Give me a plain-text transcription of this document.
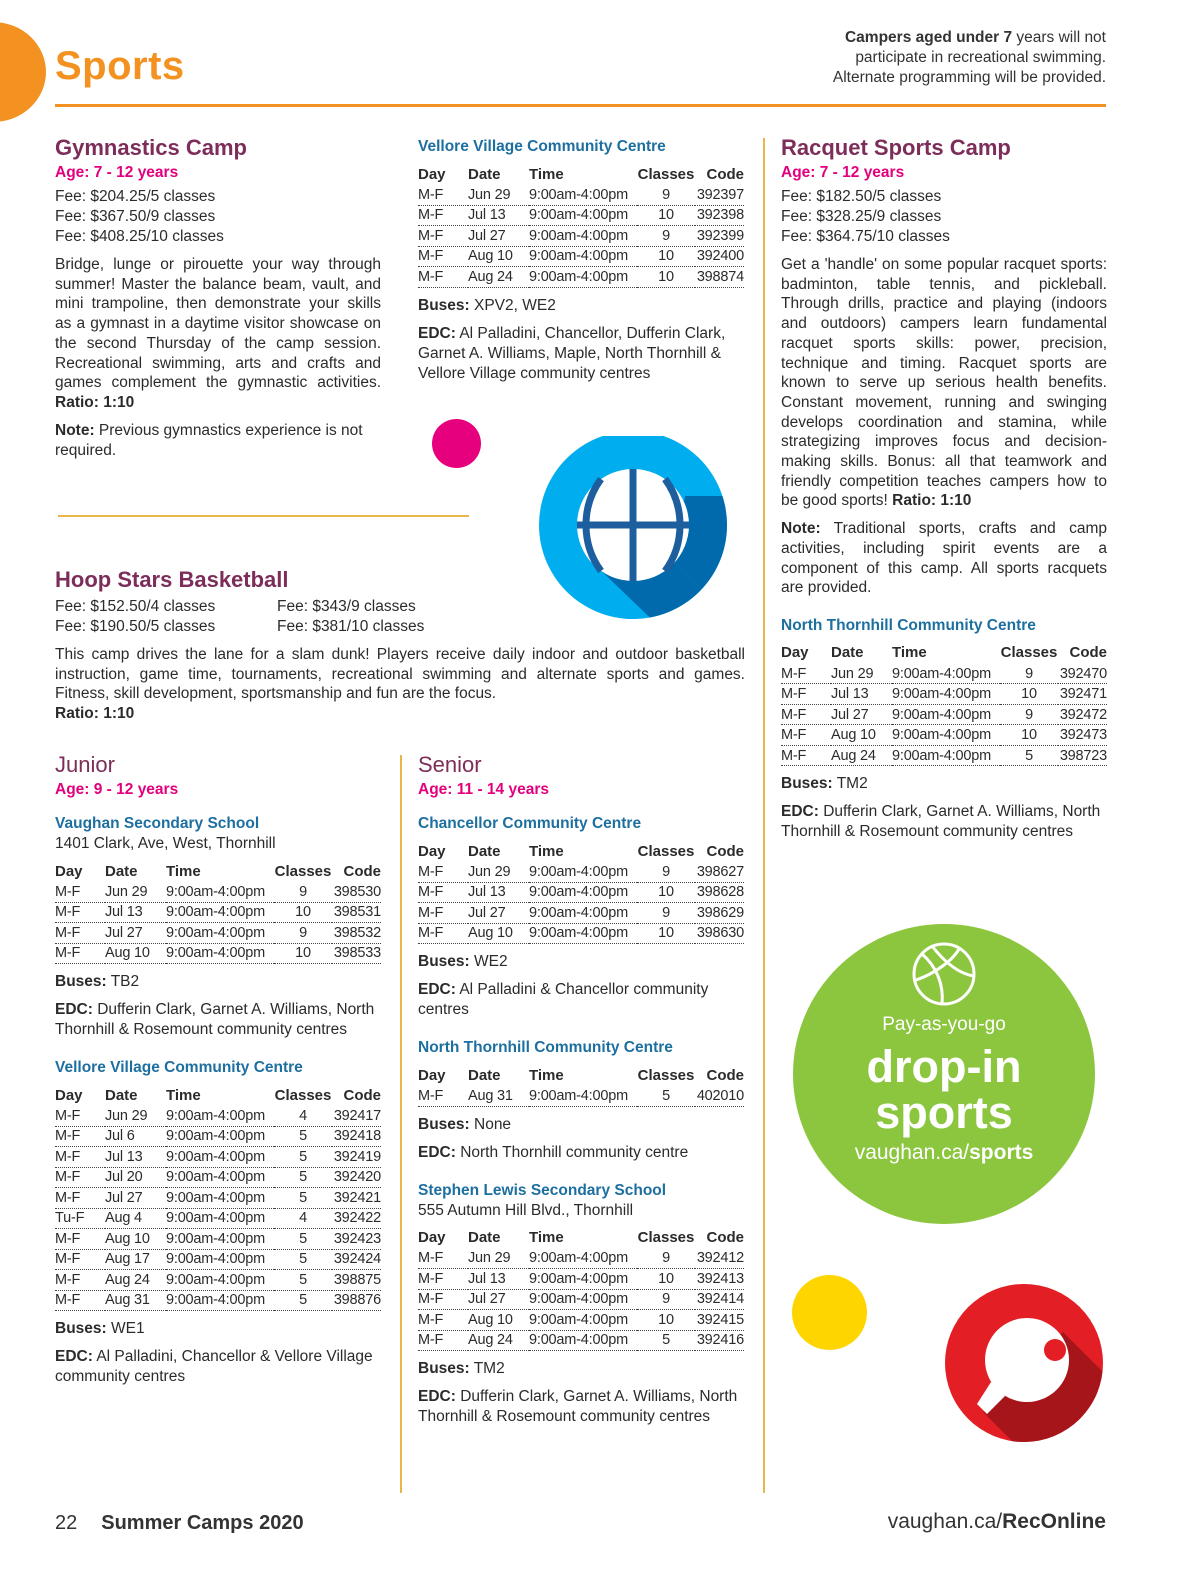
Sports
Campers aged under 7 years will not
participate in recreational swimming.
Alternate programming will be provided.
Gymnastics Camp
Age: 7 - 12 years
Fee: $204.25/5 classes
Fee: $367.50/9 classes
Fee: $408.25/10 classes
Bridge, lunge or pirouette your way through summer! Master the balance beam, vault, and mini trampoline, then demonstrate your skills as a gymnast in a daytime visitor showcase on the second Thursday of the camp session. Recreational swimming, arts and crafts and games complement the gymnastic activities. Ratio: 1:10
Note: Previous gymnastics experience is not required.
Vellore Village Community Centre
Day	Date	Time	Classes	Code
M-F	Jun 29	9:00am-4:00pm	9	392397
M-F	Jul 13	9:00am-4:00pm	10	392398
M-F	Jul 27	9:00am-4:00pm	9	392399
M-F	Aug 10	9:00am-4:00pm	10	392400
M-F	Aug 24	9:00am-4:00pm	10	398874
Buses: XPV2, WE2
EDC: Al Palladini, Chancellor, Dufferin Clark, Garnet A. Williams, Maple, North Thornhill & Vellore Village community centres
Racquet Sports Camp
Age: 7 - 12 years
Fee: $182.50/5 classes
Fee: $328.25/9 classes
Fee: $364.75/10 classes
Get a 'handle' on some popular racquet sports: badminton, table tennis, and pickleball. Through drills, practice and playing (indoors and outdoors) campers learn fundamental racquet sports skills: power, precision, technique and timing. Racquet sports are known to serve up serious health benefits. Constant movement, running and swinging develops coordination and stamina, while strategizing improves focus and decision-making skills. Bonus: all that teamwork and friendly competition teaches campers how to be good sports! Ratio: 1:10
Note: Traditional sports, crafts and camp activities, including spirit events are a component of this camp. All sports racquets are provided.
North Thornhill Community Centre
Day	Date	Time	Classes	Code
M-F	Jun 29	9:00am-4:00pm	9	392470
M-F	Jul 13	9:00am-4:00pm	10	392471
M-F	Jul 27	9:00am-4:00pm	9	392472
M-F	Aug 10	9:00am-4:00pm	10	392473
M-F	Aug 24	9:00am-4:00pm	5	398723
Buses: TM2
EDC: Dufferin Clark, Garnet A. Williams, North Thornhill & Rosemount community centres
Hoop Stars Basketball
Fee: $152.50/4 classes	Fee: $343/9 classes
Fee: $190.50/5 classes	Fee: $381/10 classes
This camp drives the lane for a slam dunk! Players receive daily indoor and outdoor basketball instruction, game time, tournaments, recreational swimming and alternate sports and games. Fitness, skill development, sportsmanship and fun are the focus.
Ratio: 1:10
Junior
Age: 9 - 12 years
Vaughan Secondary School
1401 Clark, Ave, West, Thornhill
Day	Date	Time	Classes	Code
M-F	Jun 29	9:00am-4:00pm	9	398530
M-F	Jul 13	9:00am-4:00pm	10	398531
M-F	Jul 27	9:00am-4:00pm	9	398532
M-F	Aug 10	9:00am-4:00pm	10	398533
Buses: TB2
EDC: Dufferin Clark, Garnet A. Williams, North Thornhill & Rosemount community centres
Vellore Village Community Centre
Day	Date	Time	Classes	Code
M-F	Jun 29	9:00am-4:00pm	4	392417
M-F	Jul 6	9:00am-4:00pm	5	392418
M-F	Jul 13	9:00am-4:00pm	5	392419
M-F	Jul 20	9:00am-4:00pm	5	392420
M-F	Jul 27	9:00am-4:00pm	5	392421
Tu-F	Aug 4	9:00am-4:00pm	4	392422
M-F	Aug 10	9:00am-4:00pm	5	392423
M-F	Aug 17	9:00am-4:00pm	5	392424
M-F	Aug 24	9:00am-4:00pm	5	398875
M-F	Aug 31	9:00am-4:00pm	5	398876
Buses: WE1
EDC: Al Palladini, Chancellor & Vellore Village community centres
Senior
Age: 11 - 14 years
Chancellor Community Centre
Day	Date	Time	Classes	Code
M-F	Jun 29	9:00am-4:00pm	9	398627
M-F	Jul 13	9:00am-4:00pm	10	398628
M-F	Jul 27	9:00am-4:00pm	9	398629
M-F	Aug 10	9:00am-4:00pm	10	398630
Buses: WE2
EDC: Al Palladini & Chancellor community centres
North Thornhill Community Centre
Day	Date	Time	Classes	Code
M-F	Aug 31	9:00am-4:00pm	5	402010
Buses: None
EDC: North Thornhill community centre
Stephen Lewis Secondary School
555 Autumn Hill Blvd., Thornhill
Day	Date	Time	Classes	Code
M-F	Jun 29	9:00am-4:00pm	9	392412
M-F	Jul 13	9:00am-4:00pm	10	392413
M-F	Jul 27	9:00am-4:00pm	9	392414
M-F	Aug 10	9:00am-4:00pm	10	392415
M-F	Aug 24	9:00am-4:00pm	5	392416
Buses: TM2
EDC: Dufferin Clark, Garnet A. Williams, North Thornhill & Rosemount community centres
Pay-as-you-go
drop-in
sports
vaughan.ca/sports
22 Summer Camps 2020	vaughan.ca/RecOnline
